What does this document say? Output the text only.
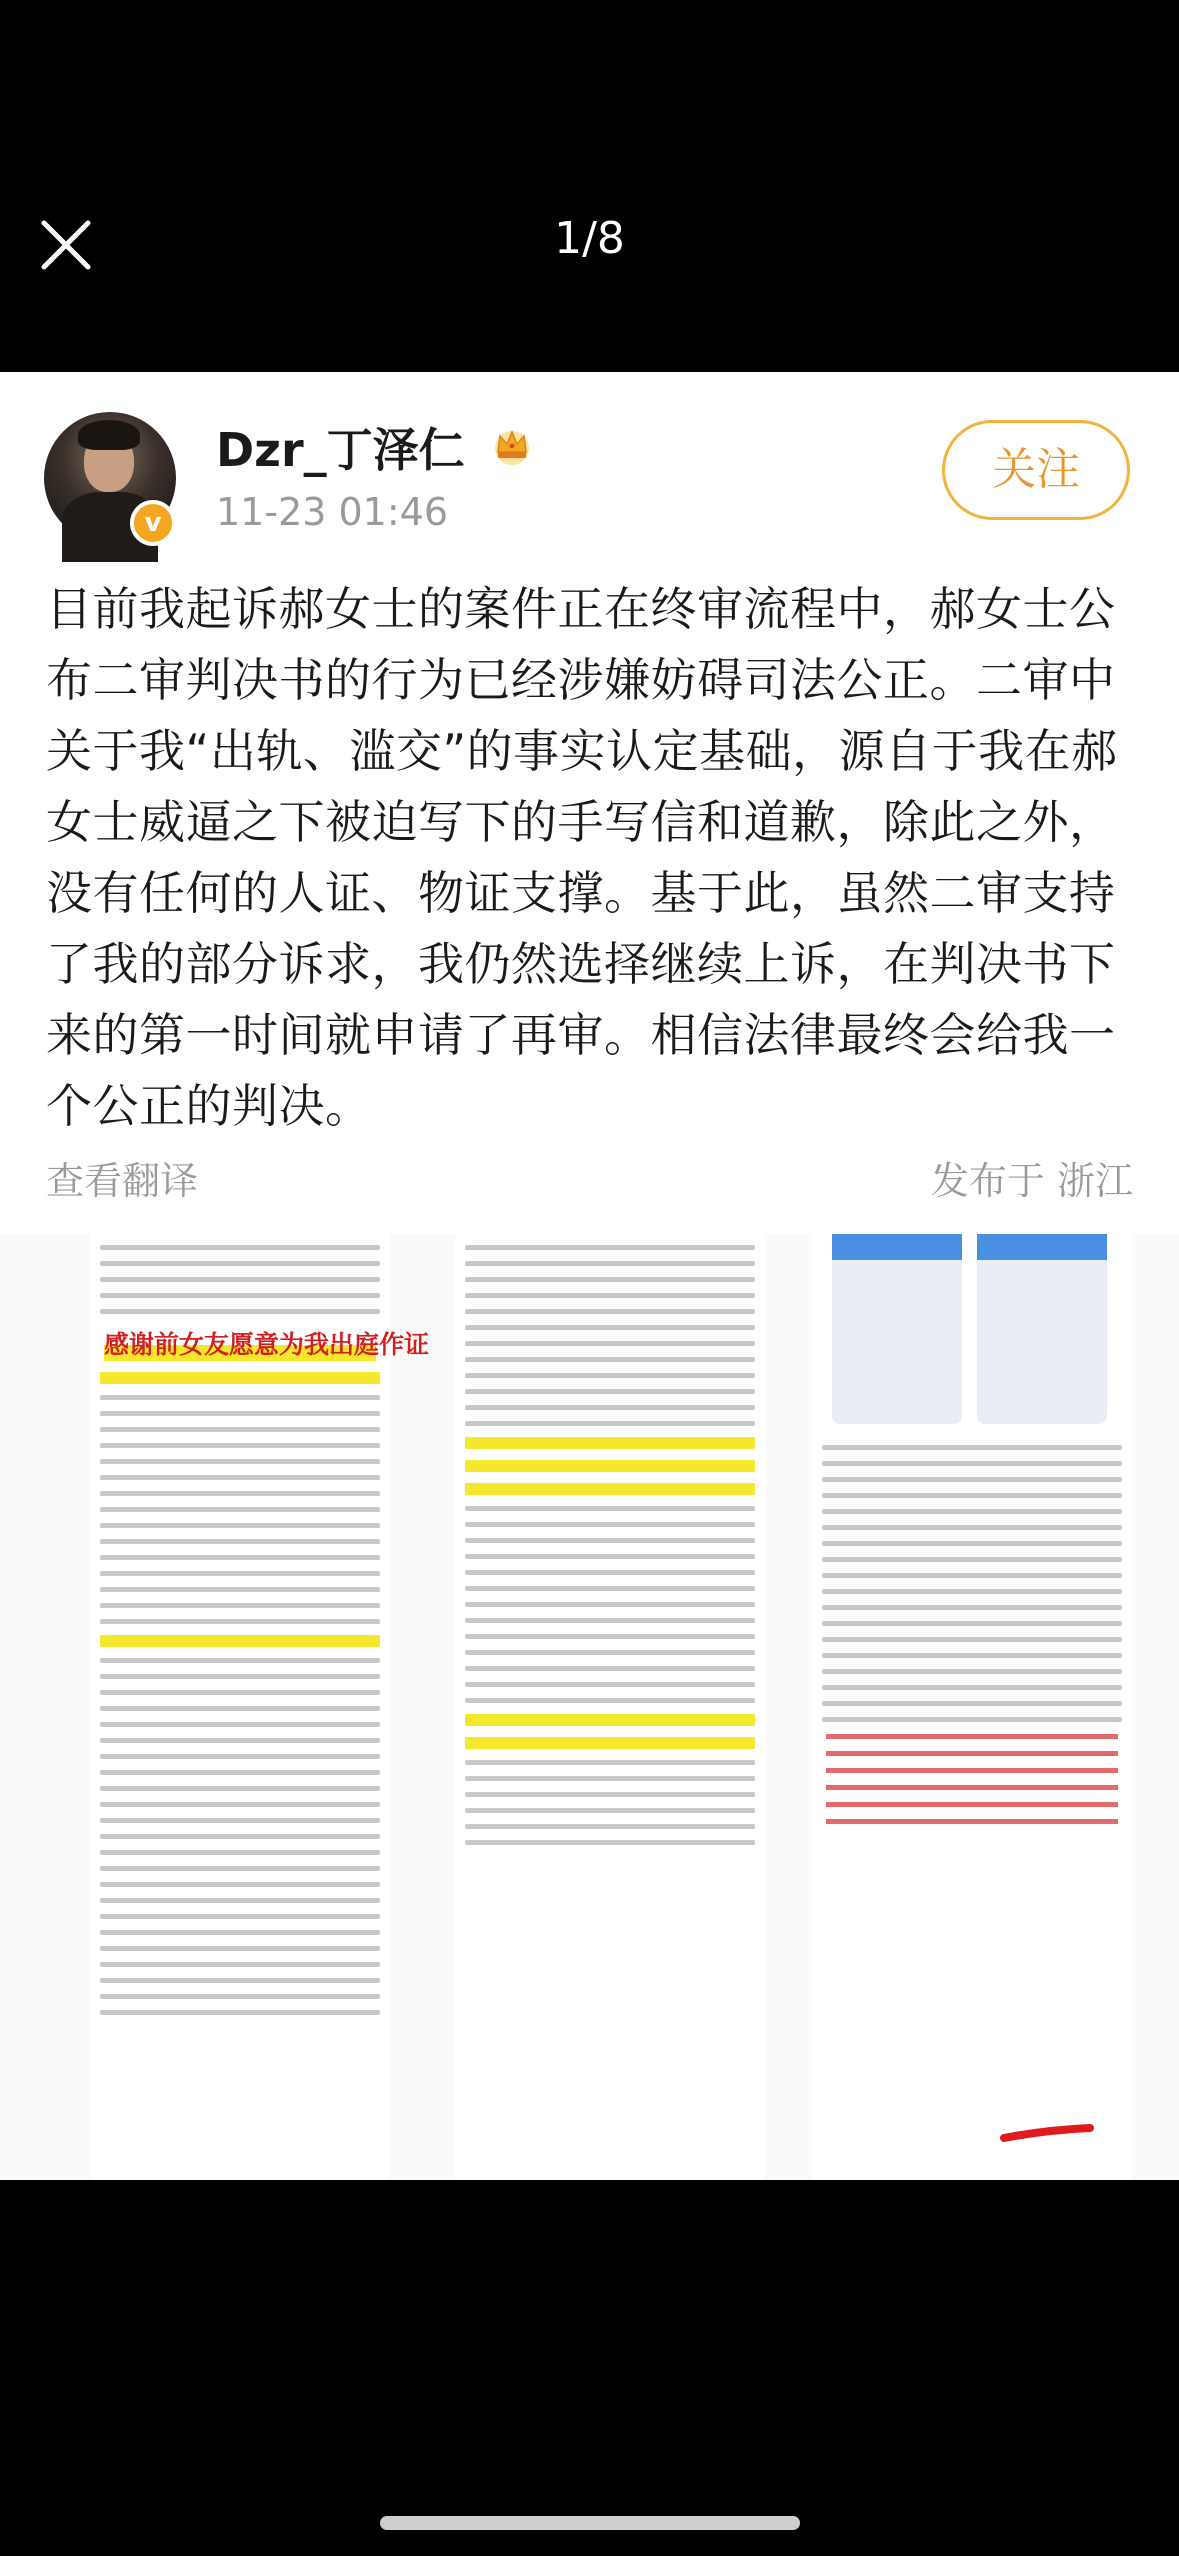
1/8
v
Dzr_丁泽仁
11-23 01:46
关注
目前我起诉郝女士的案件正在终审流程中，郝女士公布二审判决书的行为已经涉嫌妨碍司法公正。二审中关于我“出轨、滥交”的事实认定基础，源自于我在郝女士威逼之下被迫写下的手写信和道歉，除此之外，没有任何的人证、物证支撑。基于此，虽然二审支持了我的部分诉求，我仍然选择继续上诉，在判决书下来的第一时间就申请了再审。相信法律最终会给我一个公正的判决。
查看翻译	发布于 浙江
感谢前女友愿意为我出庭作证
